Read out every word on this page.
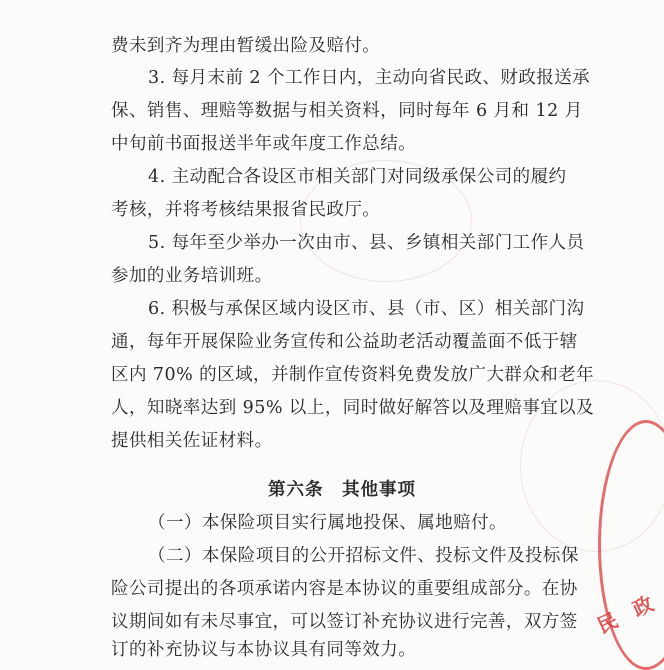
费未到齐为理由暂缓出险及赔付。
3. 每月末前 2 个工作日内，主动向省民政、财政报送承
保、销售、理赔等数据与相关资料，同时每年 6 月和 12 月
中旬前书面报送半年或年度工作总结。
4. 主动配合各设区市相关部门对同级承保公司的履约
考核，并将考核结果报省民政厅。
5. 每年至少举办一次由市、县、乡镇相关部门工作人员
参加的业务培训班。
6. 积极与承保区域内设区市、县（市、区）相关部门沟
通，每年开展保险业务宣传和公益助老活动覆盖面不低于辖
区内 70% 的区域，并制作宣传资料免费发放广大群众和老年
人，知晓率达到 95% 以上，同时做好解答以及理赔事宜以及
提供相关佐证材料。
第六条　其他事项
（一）本保险项目实行属地投保、属地赔付。
（二）本保险项目的公开招标文件、投标文件及投标保
险公司提出的各项承诺内容是本协议的重要组成部分。在协
议期间如有未尽事宜，可以签订补充协议进行完善，双方签
订的补充协议与本协议具有同等效力。
民 政
